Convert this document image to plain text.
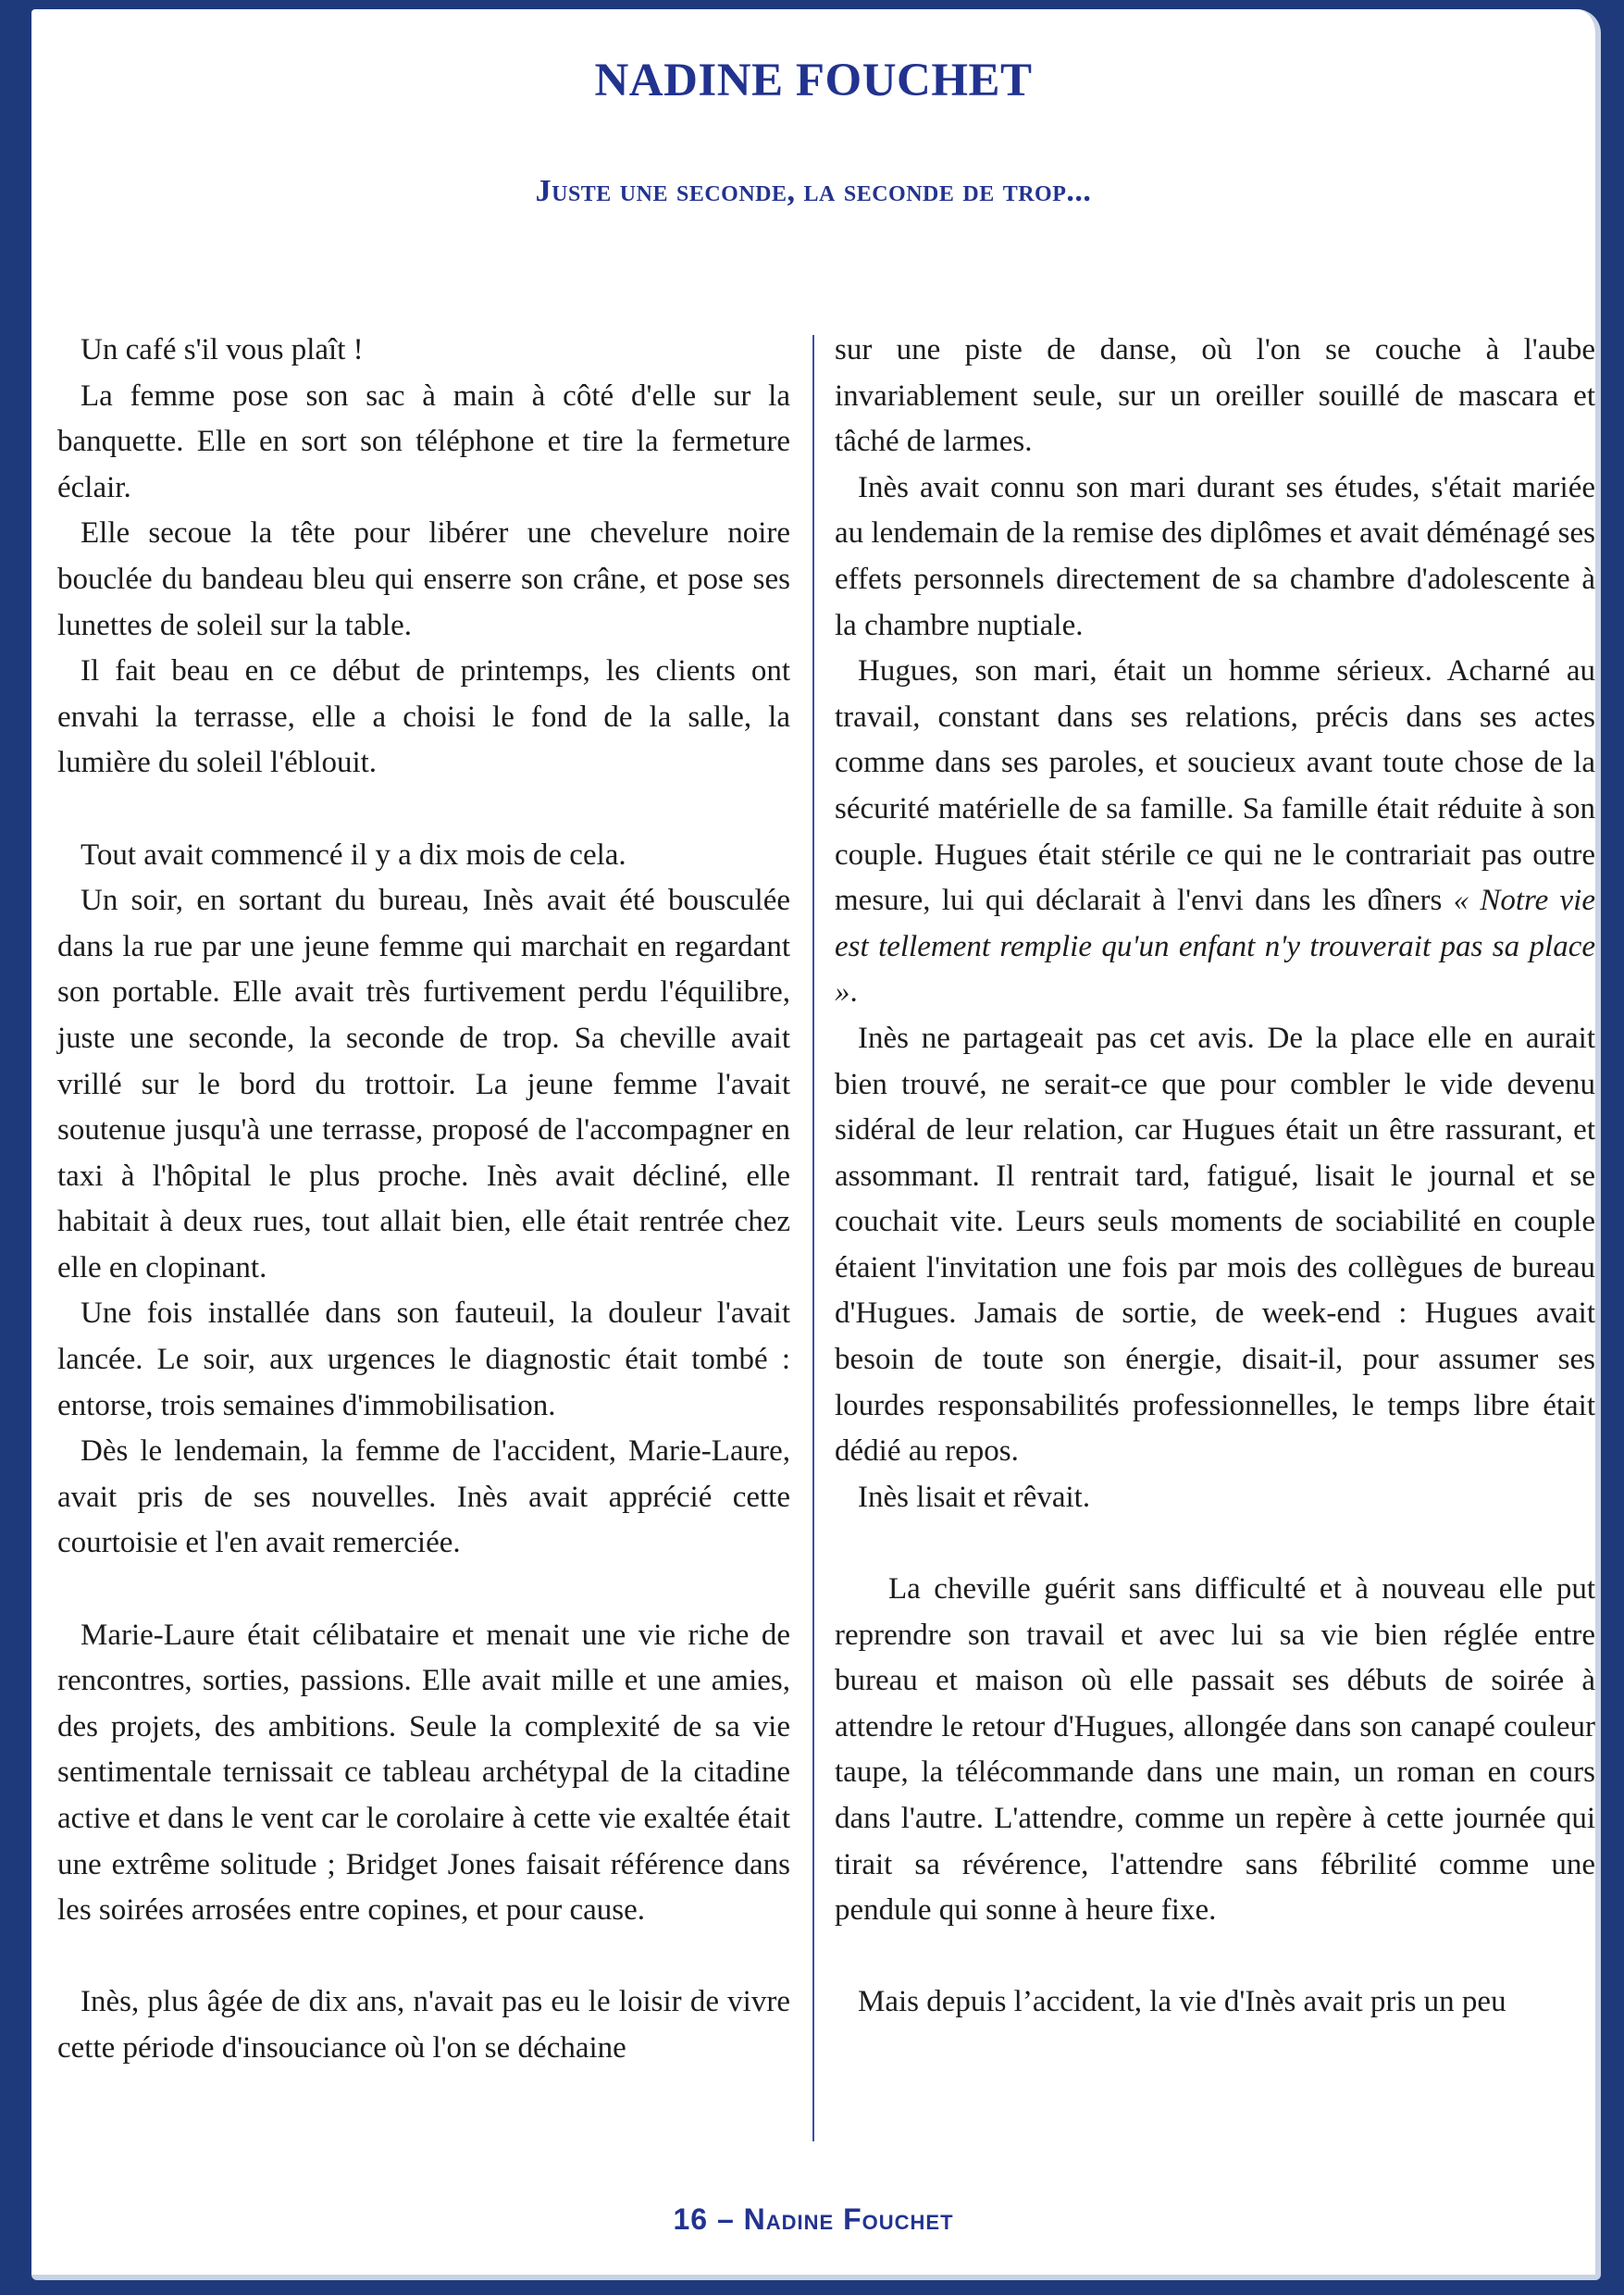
NADINE FOUCHET
Juste une seconde, la seconde de trop...

Un café s'il vous plaît !

La femme pose son sac à main à côté d'elle sur la banquette. Elle en sort son téléphone et tire la fermeture éclair.

Elle secoue la tête pour libérer une chevelure noire bouclée du bandeau bleu qui enserre son crâne, et pose ses lunettes de soleil sur la table.

Il fait beau en ce début de printemps, les clients ont envahi la terrasse, elle a choisi le fond de la salle, la lumière du soleil l'éblouit.

Tout avait commencé il y a dix mois de cela.

Un soir, en sortant du bureau, Inès avait été bousculée dans la rue par une jeune femme qui marchait en regardant son portable. Elle avait très furtivement perdu l'équilibre, juste une seconde, la seconde de trop. Sa cheville avait vrillé sur le bord du trottoir. La jeune femme l'avait soutenue jusqu'à une terrasse, proposé de l'accompagner en taxi à l'hôpital le plus proche. Inès avait décliné, elle habitait à deux rues, tout allait bien, elle était rentrée chez elle en clopinant.

Une fois installée dans son fauteuil, la douleur l'avait lancée. Le soir, aux urgences le diagnostic était tombé : entorse, trois semaines d'immobilisation.

Dès le lendemain, la femme de l'accident, Marie-Laure, avait pris de ses nouvelles. Inès avait apprécié cette courtoisie et l'en avait remerciée.

Marie-Laure était célibataire et menait une vie riche de rencontres, sorties, passions. Elle avait mille et une amies, des projets, des ambitions. Seule la complexité de sa vie sentimentale ternissait ce tableau archétypal de la citadine active et dans le vent car le corolaire à cette vie exaltée était une extrême solitude ; Bridget Jones faisait référence dans les soirées arrosées entre copines, et pour cause.

Inès, plus âgée de dix ans, n'avait pas eu le loisir de vivre cette période d'insouciance où l'on se déchaine

sur une piste de danse, où l'on se couche à l'aube invariablement seule, sur un oreiller souillé de mascara et tâché de larmes.

Inès avait connu son mari durant ses études, s'était mariée au lendemain de la remise des diplômes et avait déménagé ses effets personnels directement de sa chambre d'adolescente à la chambre nuptiale.

Hugues, son mari, était un homme sérieux. Acharné au travail, constant dans ses relations, précis dans ses actes comme dans ses paroles, et soucieux avant toute chose de la sécurité matérielle de sa famille. Sa famille était réduite à son couple. Hugues était stérile ce qui ne le contrariait pas outre mesure, lui qui déclarait à l'envi dans les dîners « Notre vie est tellement remplie qu'un enfant n'y trouverait pas sa place ».

Inès ne partageait pas cet avis. De la place elle en aurait bien trouvé, ne serait-ce que pour combler le vide devenu sidéral de leur relation, car Hugues était un être rassurant, et assommant. Il rentrait tard, fatigué, lisait le journal et se couchait vite. Leurs seuls moments de sociabilité en couple étaient l'invitation une fois par mois des collègues de bureau d'Hugues. Jamais de sortie, de week-end : Hugues avait besoin de toute son énergie, disait-il, pour assumer ses lourdes responsabilités professionnelles, le temps libre était dédié au repos.

Inès lisait et rêvait.

La cheville guérit sans difficulté et à nouveau elle put reprendre son travail et avec lui sa vie bien réglée entre bureau et maison où elle passait ses débuts de soirée à attendre le retour d'Hugues, allongée dans son canapé couleur taupe, la télécommande dans une main, un roman en cours dans l'autre. L'attendre, comme un repère à cette journée qui tirait sa révérence, l'attendre sans fébrilité comme une pendule qui sonne à heure fixe.

Mais depuis l’accident, la vie d'Inès avait pris un peu

16 – Nadine Fouchet
